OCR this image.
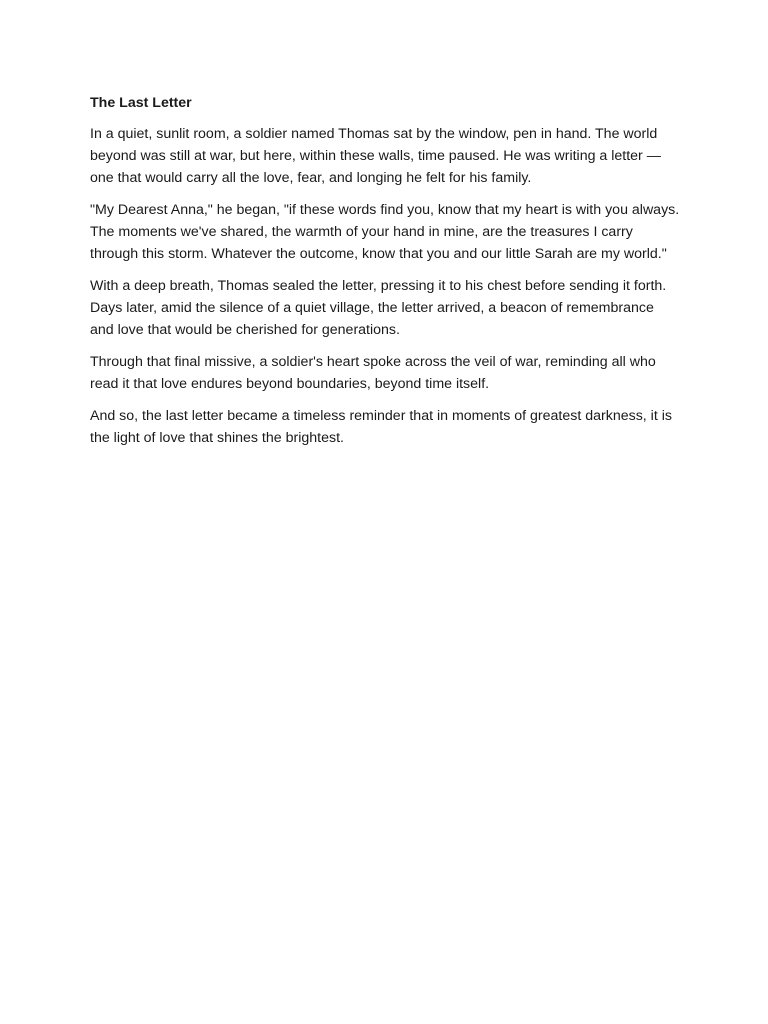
The Last Letter

In a quiet, sunlit room, a soldier named Thomas sat by the window, pen in hand. The world beyond was still at war, but here, within these walls, time paused. He was writing a letter — one that would carry all the love, fear, and longing he felt for his family.

"My Dearest Anna," he began, "if these words find you, know that my heart is with you always. The moments we've shared, the warmth of your hand in mine, are the treasures I carry through this storm. Whatever the outcome, know that you and our little Sarah are my world."

With a deep breath, Thomas sealed the letter, pressing it to his chest before sending it forth. Days later, amid the silence of a quiet village, the letter arrived, a beacon of remembrance and love that would be cherished for generations.

Through that final missive, a soldier's heart spoke across the veil of war, reminding all who read it that love endures beyond boundaries, beyond time itself.

And so, the last letter became a timeless reminder that in moments of greatest darkness, it is the light of love that shines the brightest.
